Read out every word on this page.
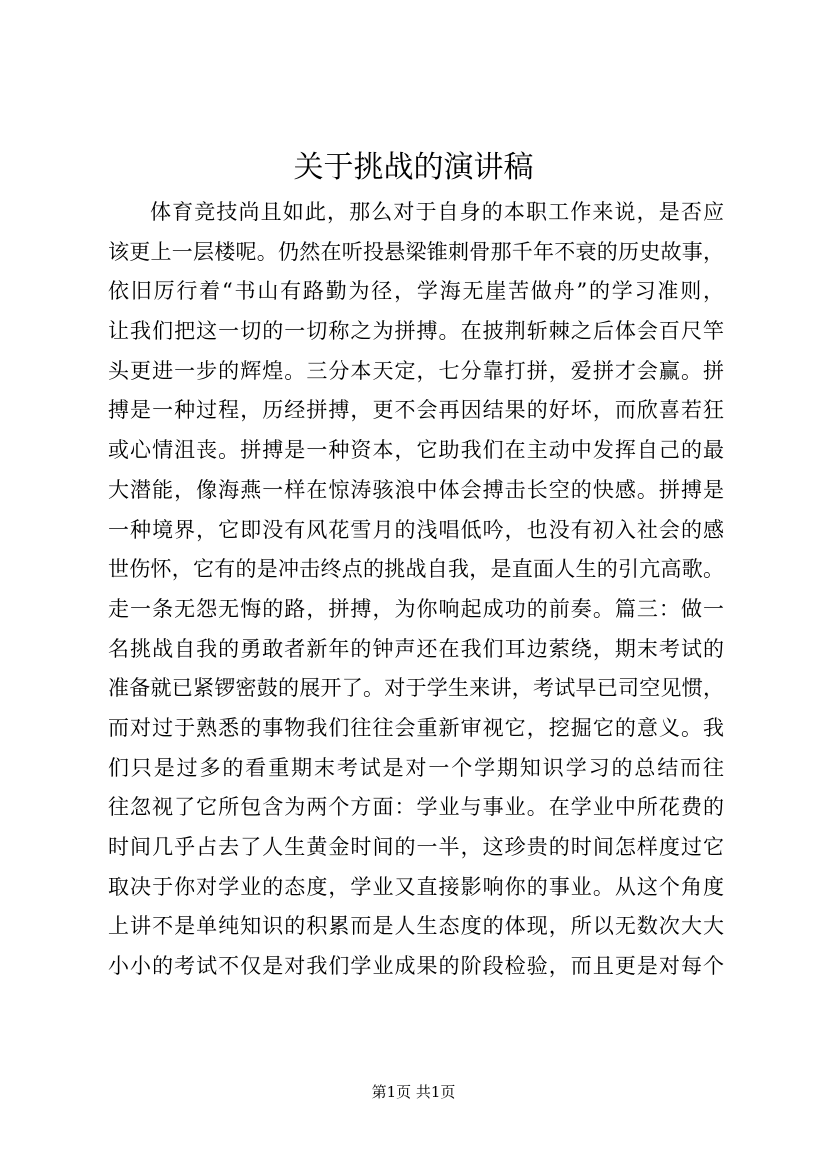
关于挑战的演讲稿
体育竞技尚且如此，那么对于自身的本职工作来说，是否应
该更上一层楼呢。仍然在听投悬梁锥刺骨那千年不衰的历史故事，
依旧厉行着“书山有路勤为径，学海无崖苦做舟”的学习准则，
让我们把这一切的一切称之为拼搏。在披荆斩棘之后体会百尺竿
头更进一步的辉煌。三分本天定，七分靠打拼，爱拼才会赢。拼
搏是一种过程，历经拼搏，更不会再因结果的好坏，而欣喜若狂
或心情沮丧。拼搏是一种资本，它助我们在主动中发挥自己的最
大潜能，像海燕一样在惊涛骇浪中体会搏击长空的快感。拼搏是
一种境界，它即没有风花雪月的浅唱低吟，也没有初入社会的感
世伤怀，它有的是冲击终点的挑战自我，是直面人生的引亢高歌。
走一条无怨无悔的路，拼搏，为你响起成功的前奏。篇三：做一
名挑战自我的勇敢者新年的钟声还在我们耳边萦绕，期末考试的
准备就已紧锣密鼓的展开了。对于学生来讲，考试早已司空见惯，
而对过于熟悉的事物我们往往会重新审视它，挖掘它的意义。我
们只是过多的看重期末考试是对一个学期知识学习的总结而往
往忽视了它所包含为两个方面：学业与事业。在学业中所花费的
时间几乎占去了人生黄金时间的一半，这珍贵的时间怎样度过它
取决于你对学业的态度，学业又直接影响你的事业。从这个角度
上讲不是单纯知识的积累而是人生态度的体现，所以无数次大大
小小的考试不仅是对我们学业成果的阶段检验，而且更是对每个
第1页 共1页
